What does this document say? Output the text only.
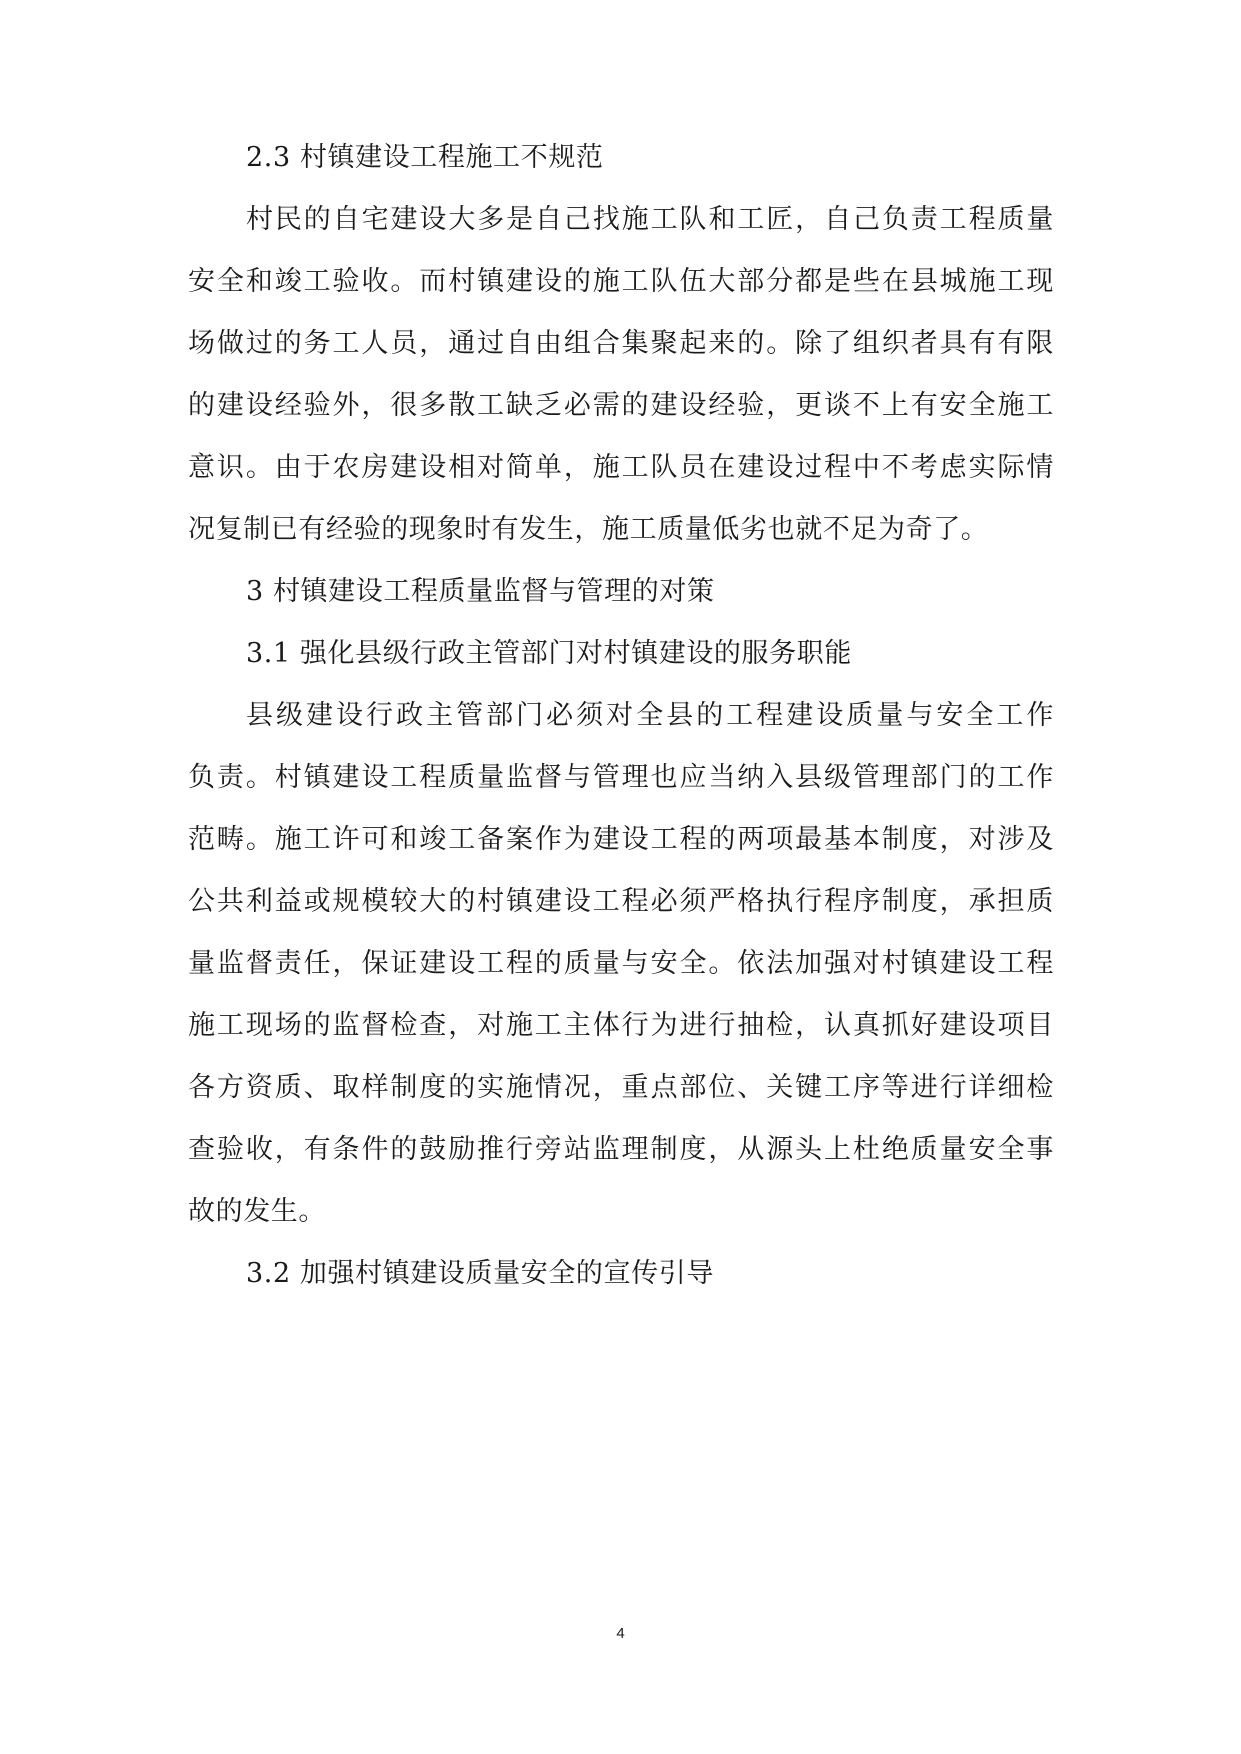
2.3 村镇建设工程施工不规范
村民的自宅建设大多是自己找施工队和工匠，自己负责工程质量
安全和竣工验收。而村镇建设的施工队伍大部分都是些在县城施工现
场做过的务工人员，通过自由组合集聚起来的。除了组织者具有有限
的建设经验外，很多散工缺乏必需的建设经验，更谈不上有安全施工
意识。由于农房建设相对简单，施工队员在建设过程中不考虑实际情
况复制已有经验的现象时有发生，施工质量低劣也就不足为奇了。
3 村镇建设工程质量监督与管理的对策
3.1 强化县级行政主管部门对村镇建设的服务职能
县级建设行政主管部门必须对全县的工程建设质量与安全工作
负责。村镇建设工程质量监督与管理也应当纳入县级管理部门的工作
范畴。施工许可和竣工备案作为建设工程的两项最基本制度，对涉及
公共利益或规模较大的村镇建设工程必须严格执行程序制度，承担质
量监督责任，保证建设工程的质量与安全。依法加强对村镇建设工程
施工现场的监督检查，对施工主体行为进行抽检，认真抓好建设项目
各方资质、取样制度的实施情况，重点部位、关键工序等进行详细检
查验收，有条件的鼓励推行旁站监理制度，从源头上杜绝质量安全事
故的发生。
3.2 加强村镇建设质量安全的宣传引导
4
